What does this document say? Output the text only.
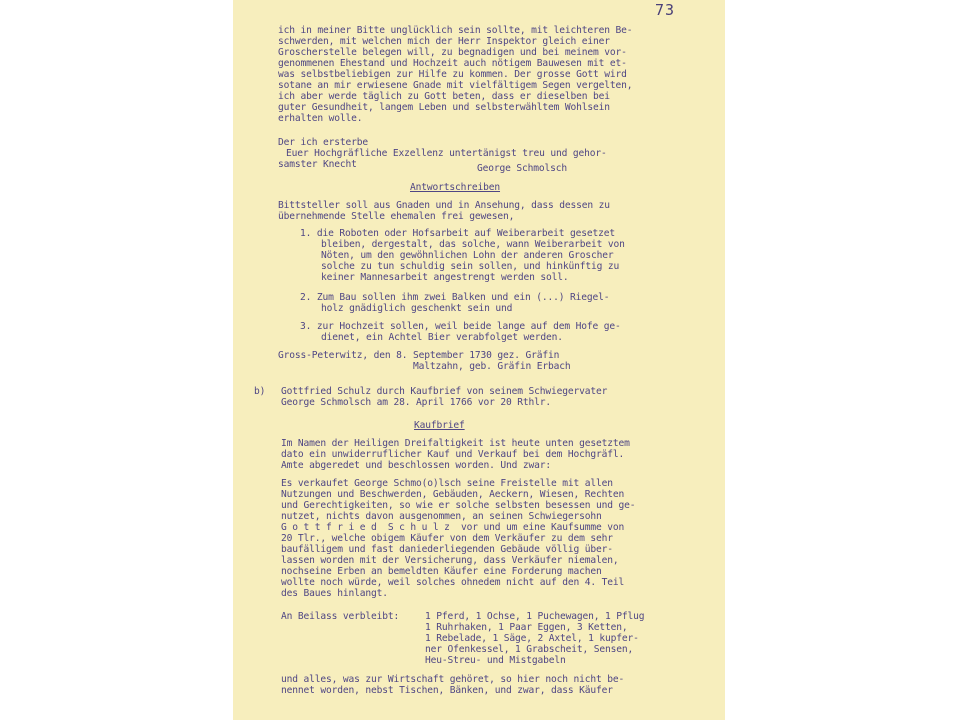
73
ich in meiner Bitte unglücklich sein sollte, mit leichteren Be-
schwerden, mit welchen mich der Herr Inspektor gleich einer
Groscherstelle belegen will, zu begnadigen und bei meinem vor-
genommenen Ehestand und Hochzeit auch nötigem Bauwesen mit et-
was selbstbeliebigen zur Hilfe zu kommen. Der grosse Gott wird
sotane an mir erwiesene Gnade mit vielfältigem Segen vergelten,
ich aber werde täglich zu Gott beten, dass er dieselben bei
guter Gesundheit, langem Leben und selbsterwähltem Wohlsein
erhalten wolle.
Der ich ersterbe
Euer Hochgräfliche Exzellenz untertänigst treu und gehor-
samster Knecht	George Schmolsch
Antwortschreiben
Bittsteller soll aus Gnaden und in Ansehung, dass dessen zu
übernehmende Stelle ehemalen frei gewesen,
1. die Roboten oder Hofsarbeit auf Weiberarbeit gesetzet
bleiben, dergestalt, das solche, wann Weiberarbeit von
Nöten, um den gewöhnlichen Lohn der anderen Groscher
solche zu tun schuldig sein sollen, und hinkünftig zu
keiner Mannesarbeit angestrengt werden soll.
2. Zum Bau sollen ihm zwei Balken und ein (...) Riegel-
holz gnädiglich geschenkt sein und
3. zur Hochzeit sollen, weil beide lange auf dem Hofe ge-
dienet, ein Achtel Bier verabfolget werden.
Gross-Peterwitz, den 8. September 1730 gez. Gräfin
Maltzahn, geb. Gräfin Erbach
b) Gottfried Schulz durch Kaufbrief von seinem Schwiegervater
George Schmolsch am 28. April 1766 vor 20 Rthlr.
Kaufbrief
Im Namen der Heiligen Dreifaltigkeit ist heute unten gesetztem
dato ein unwiderruflicher Kauf und Verkauf bei dem Hochgräfl.
Amte abgeredet und beschlossen worden. Und zwar:
Es verkaufet George Schmo(o)lsch seine Freistelle mit allen
Nutzungen und Beschwerden, Gebäuden, Aeckern, Wiesen, Rechten
und Gerechtigkeiten, so wie er solche selbsten besessen und ge-
nutzet, nichts davon ausgenommen, an seinen Schwiegersohn
G o t t f r i e d  S c h u l z  vor und um eine Kaufsumme von
20 Tlr., welche obigem Käufer von dem Verkäufer zu dem sehr
baufälligem und fast daniederliegenden Gebäude völlig über-
lassen worden mit der Versicherung, dass Verkäufer niemalen,
nochseine Erben an bemeldten Käufer eine Forderung machen
wollte noch würde, weil solches ohnedem nicht auf den 4. Teil
des Baues hinlangt.
An Beilass verbleibt:	1 Pferd, 1 Ochse, 1 Puchewagen, 1 Pflug
1 Ruhrhaken, 1 Paar Eggen, 3 Ketten,
1 Rebelade, 1 Säge, 2 Axtel, 1 kupfer-
ner Ofenkessel, 1 Grabscheit, Sensen,
Heu-Streu- und Mistgabeln
und alles, was zur Wirtschaft gehöret, so hier noch nicht be-
nennet worden, nebst Tischen, Bänken, und zwar, dass Käufer
